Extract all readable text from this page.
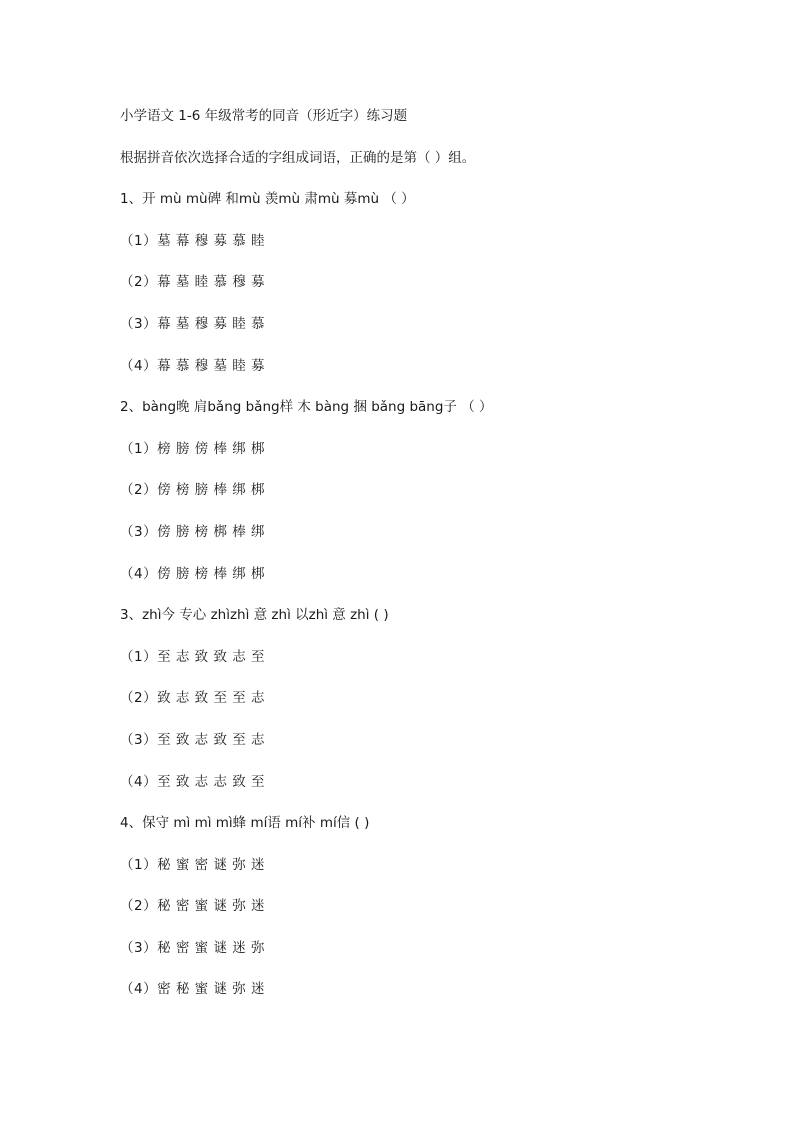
小学语文 1-6 年级常考的同音（形近字）练习题
根据拼音依次选择合适的字组成词语，正确的是第（ ）组。
1、开 mù mù碑 和mù 羡mù 肃mù 募mù （ ）
（1）墓 幕 穆 募 慕 睦
（2）幕 墓 睦 慕 穆 募
（3）幕 墓 穆 募 睦 慕
（4）幕 慕 穆 墓 睦 募
2、bàng晚 肩bǎng bǎng样 木 bàng 捆 bǎng bāng子 （ ）
（1）榜 膀 傍 棒 绑 梆
（2）傍 榜 膀 棒 绑 梆
（3）傍 膀 榜 梆 棒 绑
（4）傍 膀 榜 棒 绑 梆
3、zhì今 专心 zhìzhì 意 zhì 以zhì 意 zhì ( )
（1）至 志 致 致 志 至
（2）致 志 致 至 至 志
（3）至 致 志 致 至 志
（4）至 致 志 志 致 至
4、保守 mì mì mì蜂 mí语 mí补 mí信 ( )
（1）秘 蜜 密 谜 弥 迷
（2）秘 密 蜜 谜 弥 迷
（3）秘 密 蜜 谜 迷 弥
（4）密 秘 蜜 谜 弥 迷
